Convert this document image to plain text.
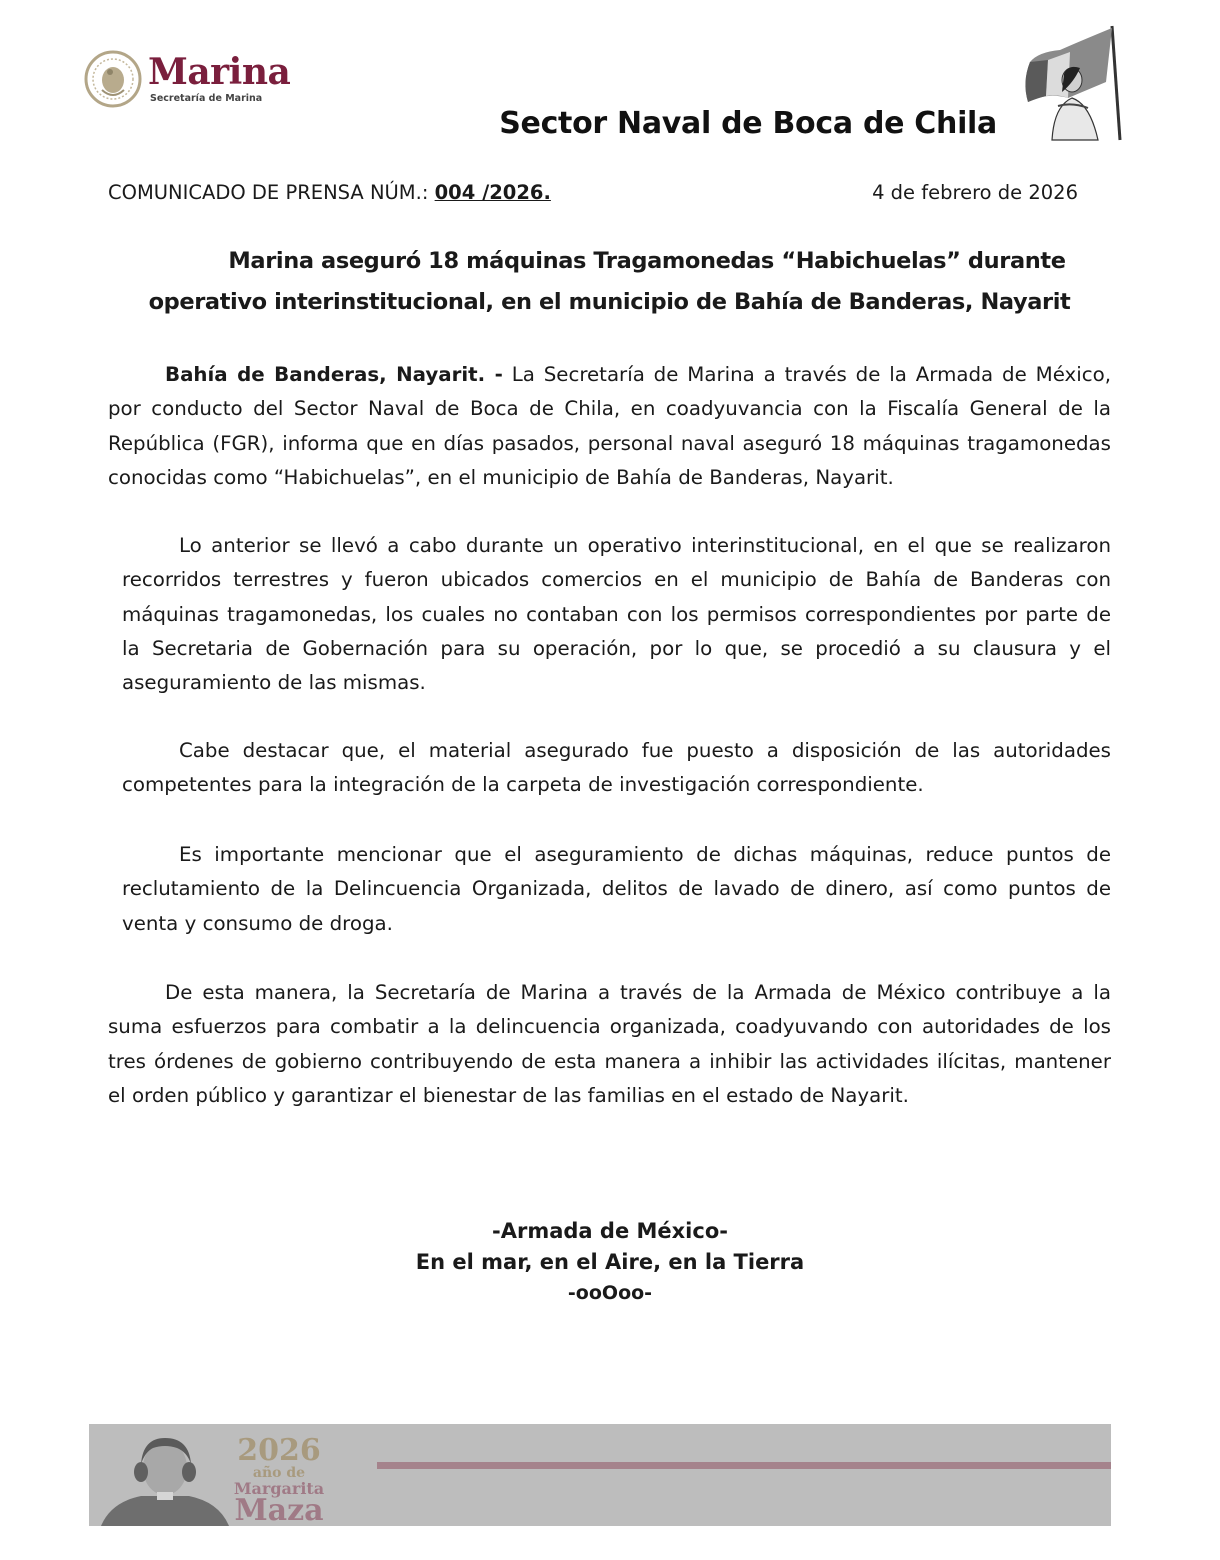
Marina
Secretaría de Marina
Sector Naval de Boca de Chila
COMUNICADO DE PRENSA NÚM.: 004 /2026.	4 de febrero de 2026
Marina aseguró 18 máquinas Tragamonedas “Habichuelas” durante
operativo interinstitucional, en el municipio de Bahía de Banderas, Nayarit

Bahía de Banderas, Nayarit. - La Secretaría de Marina a través de la Armada de México, por conducto del Sector Naval de Boca de Chila, en coadyuvancia con la Fiscalía General de la República (FGR), informa que en días pasados, personal naval aseguró 18 máquinas tragamonedas conocidas como “Habichuelas”, en el municipio de Bahía de Banderas, Nayarit.

Lo anterior se llevó a cabo durante un operativo interinstitucional, en el que se realizaron recorridos terrestres y fueron ubicados comercios en el municipio de Bahía de Banderas con máquinas tragamonedas, los cuales no contaban con los permisos correspondientes por parte de la Secretaria de Gobernación para su operación, por lo que, se procedió a su clausura y el aseguramiento de las mismas.

Cabe destacar que, el material asegurado fue puesto a disposición de las autoridades competentes para la integración de la carpeta de investigación correspondiente.

Es importante mencionar que el aseguramiento de dichas máquinas, reduce puntos de reclutamiento de la Delincuencia Organizada, delitos de lavado de dinero, así como puntos de venta y consumo de droga.

De esta manera, la Secretaría de Marina a través de la Armada de México contribuye a la suma esfuerzos para combatir a la delincuencia organizada, coadyuvando con autoridades de los tres órdenes de gobierno contribuyendo de esta manera a inhibir las actividades ilícitas, mantener el orden público y garantizar el bienestar de las familias en el estado de Nayarit.

-Armada de México-
En el mar, en el Aire, en la Tierra
-ooOoo-
2026
año de
Margarita
Maza
